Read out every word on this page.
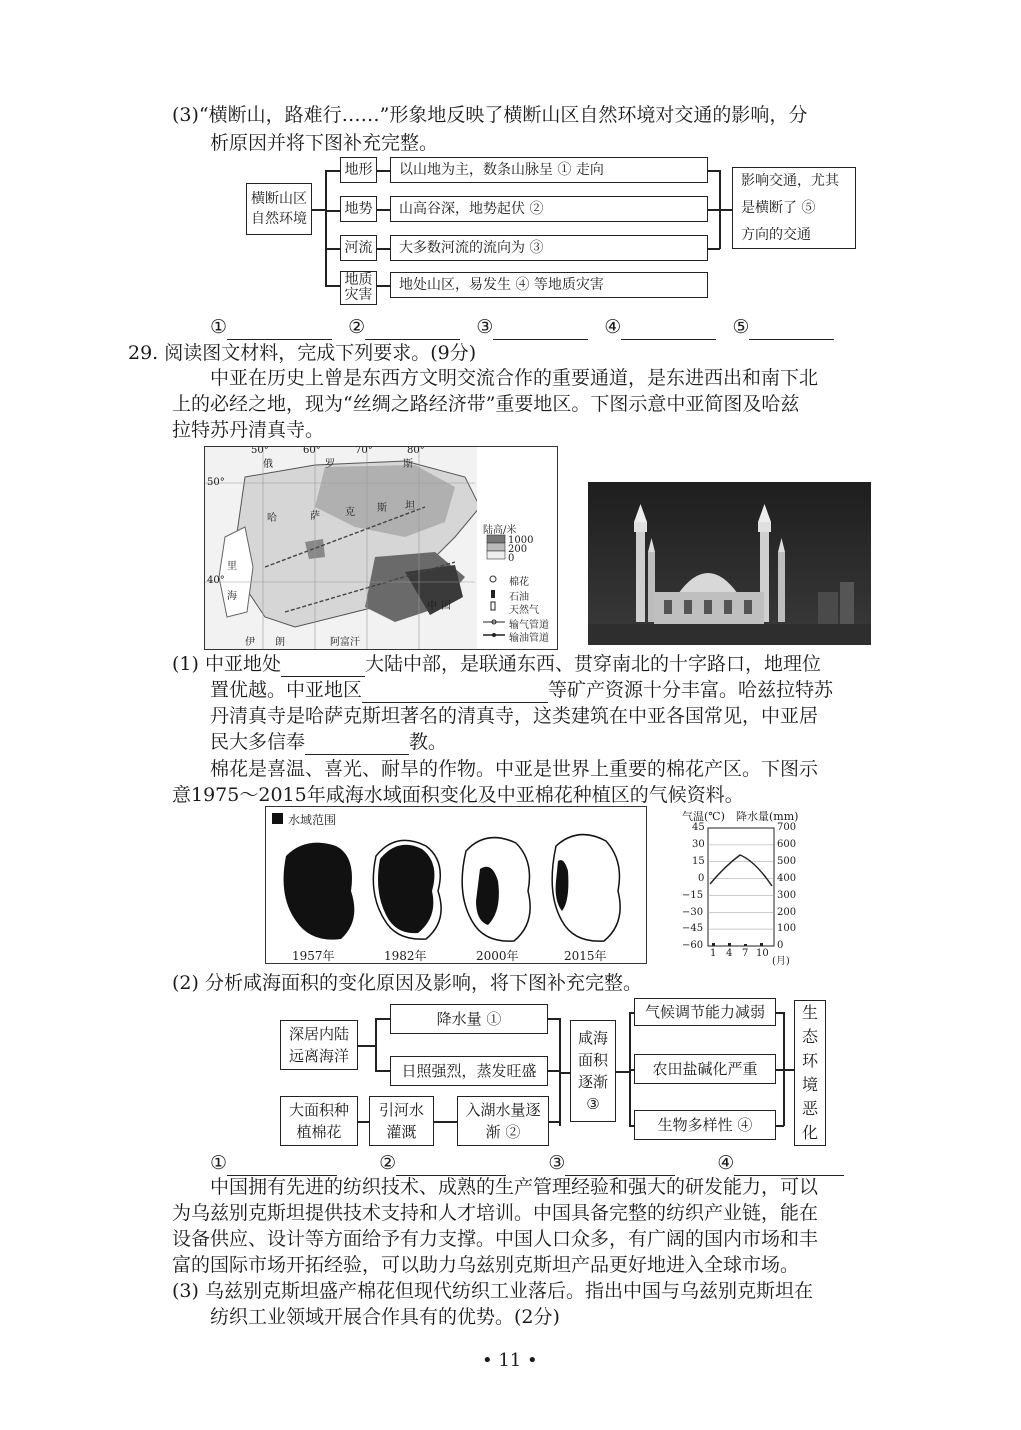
(3)“横断山，路难行……”形象地反映了横断山区自然环境对交通的影响，分
析原因并将下图补充完整。
横断山区
自然环境
地形
地势
河流
地质
灾害
以山地为主，数条山脉呈 ① 走向
山高谷深，地势起伏 ②
大多数河流的流向为 ③
地处山区，易发生 ④ 等地质灾害
影响交通，尤其
是横断了 ⑤
方向的交通
①	②	③	④	⑤
29. 阅读图文材料，完成下列要求。(9分)
中亚在历史上曾是东西方文明交流合作的重要通道，是东进西出和南下北
上的必经之地，现为“丝绸之路经济带”重要地区。下图示意中亚简图及哈兹
拉特苏丹清真寺。
50°	60°	70°	80°
50°
40°
俄	罗	斯
哈	萨	克 斯 坦
中 国
伊 朗	阿富汗
里
海
陆高/米
1000
200
0
棉花
石油
天然气
输气管道
输油管道
(1) 中亚地处	大陆中部，是联通东西、贯穿南北的十字路口，地理位
置优越。中亚地区	等矿产资源十分丰富。哈兹拉特苏
丹清真寺是哈萨克斯坦著名的清真寺，这类建筑在中亚各国常见，中亚居
民大多信奉	教。
棉花是喜温、喜光、耐旱的作物。中亚是世界上重要的棉花产区。下图示
意1975～2015年咸海水域面积变化及中亚棉花种植区的气候资料。
水域范围
1957年	1982年	2000年	2015年
气温(℃) 降水量(mm)
45
30
15
0
−15
−30
−45
−60
700
600
500
400
300
200
100
0
1 4 7 10
(月)
(2) 分析咸海面积的变化原因及影响，将下图补充完整。
深居内陆
远离海洋
降水量 ①
日照强烈，蒸发旺盛
大面积种
植棉花
引河水
灌溉
入湖水量逐
渐 ②
咸海
面积
逐渐
③
气候调节能力减弱
农田盐碱化严重
生物多样性 ④
生
态
环
境
恶
化
①	②	③	④
中国拥有先进的纺织技术、成熟的生产管理经验和强大的研发能力，可以
为乌兹别克斯坦提供技术支持和人才培训。中国具备完整的纺织产业链，能在
设备供应、设计等方面给予有力支撑。中国人口众多，有广阔的国内市场和丰
富的国际市场开拓经验，可以助力乌兹别克斯坦产品更好地进入全球市场。
(3) 乌兹别克斯坦盛产棉花但现代纺织工业落后。指出中国与乌兹别克斯坦在
纺织工业领域开展合作具有的优势。(2分)
• 11 •
